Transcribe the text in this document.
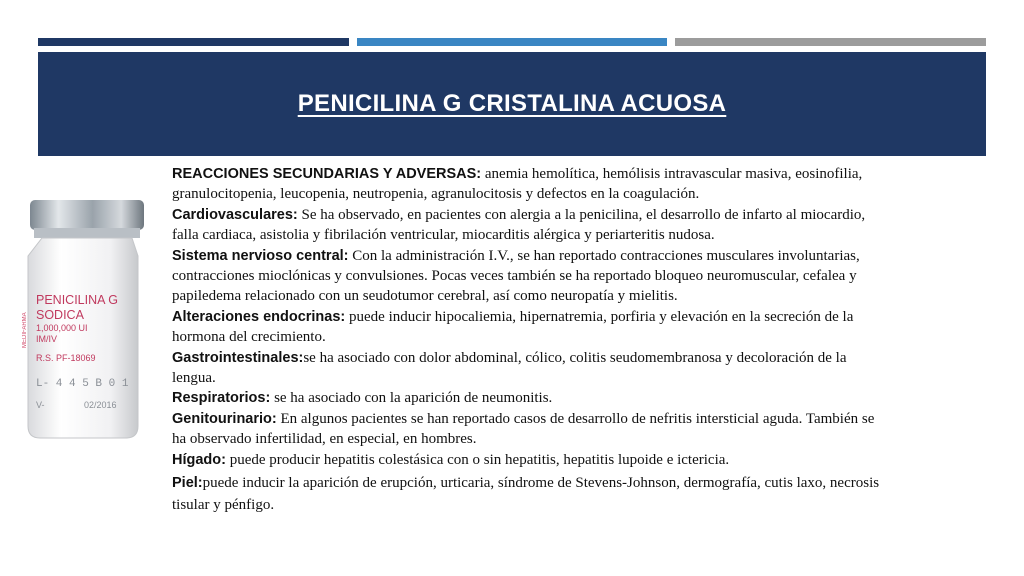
PENICILINA G CRISTALINA ACUOSA
MEDIFARMA
PENICILINA G
SODICA
1,000,000 UI
IM/IV
R.S. PF-18069
L- 4 4 5 B 0 1
V-	02/2016

REACCIONES SECUNDARIAS Y ADVERSAS: anemia hemolítica, hemólisis intravascular masiva, eosinofilia, granulocitopenia, leucopenia, neutropenia, agranulocitosis y defectos en la coagulación.

Cardiovasculares: Se ha observado, en pacientes con alergia a la penicilina, el desarrollo de infarto al miocardio, falla cardiaca, asistolia y fibrilación ventricular, miocarditis alérgica y periarteritis nudosa.

Sistema nervioso central: Con la administración I.V., se han reportado contracciones musculares involuntarias, contracciones mioclónicas y convulsiones. Pocas veces también se ha reportado bloqueo neuromuscular, cefalea y papiledema relacionado con un seudotumor cerebral, así como neuropatía y mielitis.

Alteraciones endocrinas: puede inducir hipocaliemia, hipernatremia, porfiria y elevación en la secreción de la hormona del crecimiento.

Gastrointestinales:se ha asociado con dolor abdominal, cólico, colitis seudomembranosa y decoloración de la lengua.

Respiratorios: se ha asociado con la aparición de neumonitis.

Genitourinario: En algunos pacientes se han reportado casos de desarrollo de nefritis intersticial aguda. También se ha observado infertilidad, en especial, en hombres.

Hígado: puede producir hepatitis colestásica con o sin hepatitis, hepatitis lupoide e ictericia.

Piel:puede inducir la aparición de erupción, urticaria, síndrome de Stevens-Johnson, dermografía, cutis laxo, necrosis tisular y pénfigo.
